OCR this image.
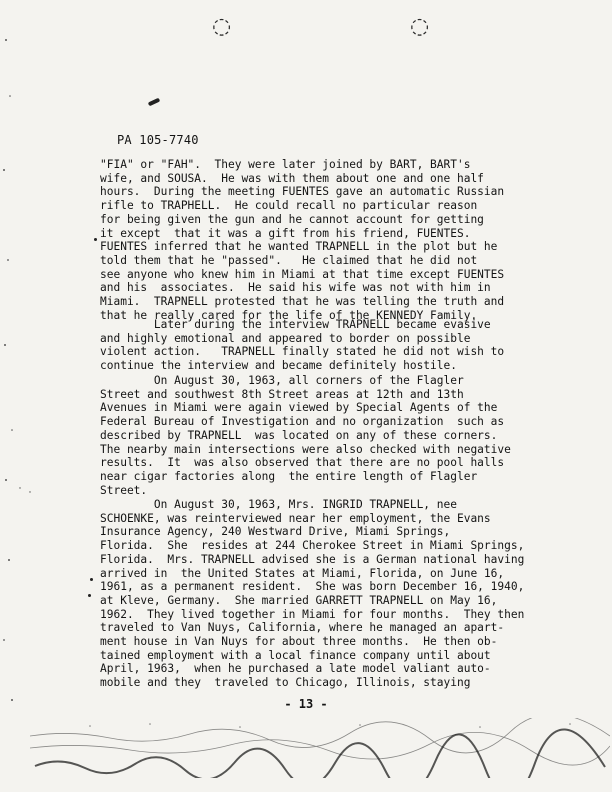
◌	◌
PA 105-7740
"FIA" or "FAH".  They were later joined by BART, BART's
wife, and SOUSA.  He was with them about one and one half
hours.  During the meeting FUENTES gave an automatic Russian
rifle to TRAPHELL.  He could recall no particular reason
for being given the gun and he cannot account for getting
it except  that it was a gift from his friend, FUENTES.
FUENTES inferred that he wanted TRAPNELL in the plot but he
told them that he "passed".   He claimed that he did not
see anyone who knew him in Miami at that time except FUENTES
and his  associates.  He said his wife was not with him in
Miami.  TRAPNELL protested that he was telling the truth and
that he really cared for the life of the KENNEDY Family.
Later during the interview TRAPNELL became evasive
and highly emotional and appeared to border on possible
violent action.   TRAPNELL finally stated he did not wish to
continue the interview and became definitely hostile.
On August 30, 1963, all corners of the Flagler
Street and southwest 8th Street areas at 12th and 13th
Avenues in Miami were again viewed by Special Agents of the
Federal Bureau of Investigation and no organization  such as
described by TRAPNELL  was located on any of these corners.
The nearby main intersections were also checked with negative
results.  It  was also observed that there are no pool halls
near cigar factories along  the entire length of Flagler
Street.
On August 30, 1963, Mrs. INGRID TRAPNELL, nee
SCHOENKE, was reinterviewed near her employment, the Evans
Insurance Agency, 240 Westward Drive, Miami Springs,
Florida.  She  resides at 244 Cherokee Street in Miami Springs,
Florida.  Mrs. TRAPNELL advised she is a German national having
arrived in  the United States at Miami, Florida, on June 16,
1961, as a permanent resident.  She was born December 16, 1940,
at Kleve, Germany.  She married GARRETT TRAPNELL on May 16,
1962.  They lived together in Miami for four months.  They then
traveled to Van Nuys, California, where he managed an apart-
ment house in Van Nuys for about three months.  He then ob-
tained employment with a local finance company until about
April, 1963,  when he purchased a late model valiant auto-
mobile and they  traveled to Chicago, Illinois, staying
- 13 -
